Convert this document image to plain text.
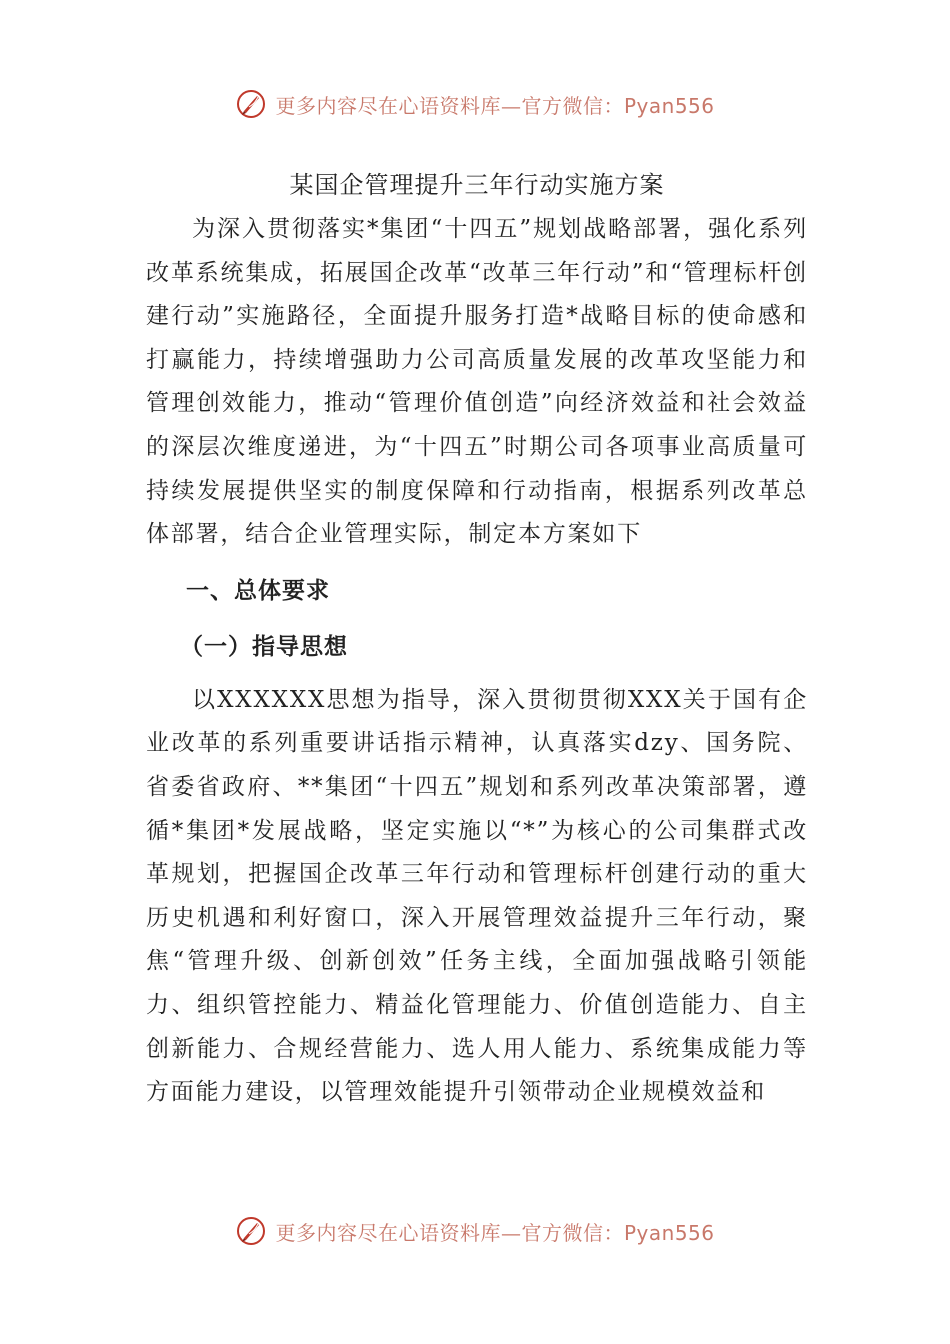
更多内容尽在心语资料库—官方微信：Pyan556
某国企管理提升三年行动实施方案

为深入贯彻落实*集团“十四五”规划战略部署，强化系列改革系统集成，拓展国企改革“改革三年行动”和“管理标杆创建行动”实施路径，全面提升服务打造*战略目标的使命感和打赢能力，持续增强助力公司高质量发展的改革攻坚能力和管理创效能力，推动“管理价值创造”向经济效益和社会效益的深层次维度递进，为“十四五”时期公司各项事业高质量可持续发展提供坚实的制度保障和行动指南，根据系列改革总体部署，结合企业管理实际，制定本方案如下

一、总体要求
（一）指导思想

以XXXXXX思想为指导，深入贯彻贯彻XXX关于国有企业改革的系列重要讲话指示精神，认真落实dzy、国务院、省委省政府、**集团“十四五”规划和系列改革决策部署，遵循*集团*发展战略，坚定实施以“*”为核心的公司集群式改革规划，把握国企改革三年行动和管理标杆创建行动的重大历史机遇和利好窗口，深入开展管理效益提升三年行动，聚焦“管理升级、创新创效”任务主线，全面加强战略引领能力、组织管控能力、精益化管理能力、价值创造能力、自主创新能力、合规经营能力、选人用人能力、系统集成能力等方面能力建设，以管理效能提升引领带动企业规模效益和

更多内容尽在心语资料库—官方微信：Pyan556
